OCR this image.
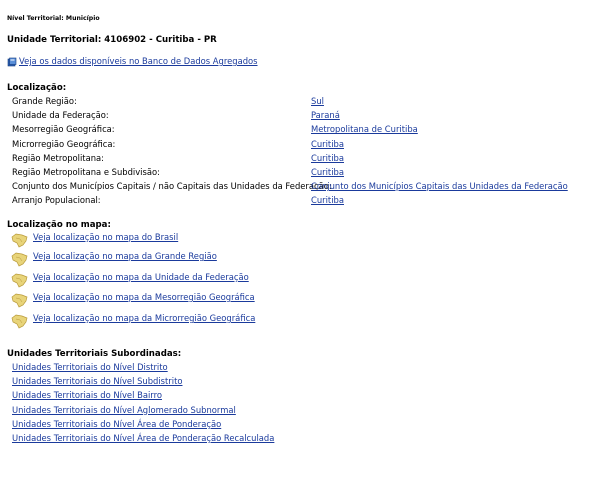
Nível Territorial: Município
Unidade Territorial: 4106902 - Curitiba - PR
Veja os dados disponíveis no Banco de Dados Agregados
Localização:
Grande Região:	Sul
Unidade da Federação:	Paraná
Mesorregião Geográfica:	Metropolitana de Curitiba
Microrregião Geográfica:	Curitiba
Região Metropolitana:	Curitiba
Região Metropolitana e Subdivisão:	Curitiba
Conjunto dos Municípios Capitais / não Capitais das Unidades da Federação:
Conjunto dos Municípios Capitais das Unidades da Federação
Arranjo Populacional:	Curitiba
Localização no mapa:
Veja localização no mapa do Brasil
Veja localização no mapa da Grande Região
Veja localização no mapa da Unidade da Federação
Veja localização no mapa da Mesorregião Geográfica
Veja localização no mapa da Microrregião Geográfica
Unidades Territoriais Subordinadas:
Unidades Territoriais do Nível Distrito
Unidades Territoriais do Nível Subdistrito
Unidades Territoriais do Nível Bairro
Unidades Territoriais do Nível Aglomerado Subnormal
Unidades Territoriais do Nível Área de Ponderação
Unidades Territoriais do Nível Área de Ponderação Recalculada
